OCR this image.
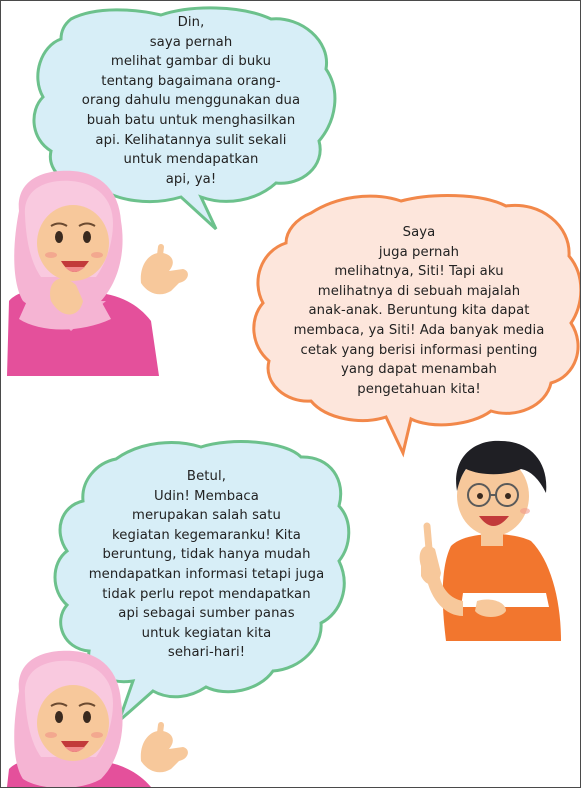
Din,
saya pernah
melihat gambar di buku
tentang bagaimana orang-
orang dahulu menggunakan dua
buah batu untuk menghasilkan
api. Kelihatannya sulit sekali
untuk mendapatkan
api, ya!
Saya
juga pernah
melihatnya, Siti! Tapi aku
melihatnya di sebuah majalah
anak-anak. Beruntung kita dapat
membaca, ya Siti! Ada banyak media
cetak yang berisi informasi penting
yang dapat menambah
pengetahuan kita!
Betul,
Udin! Membaca
merupakan salah satu
kegiatan kegemaranku! Kita
beruntung, tidak hanya mudah
mendapatkan informasi tetapi juga
tidak perlu repot mendapatkan
api sebagai sumber panas
untuk kegiatan kita
sehari-hari!
